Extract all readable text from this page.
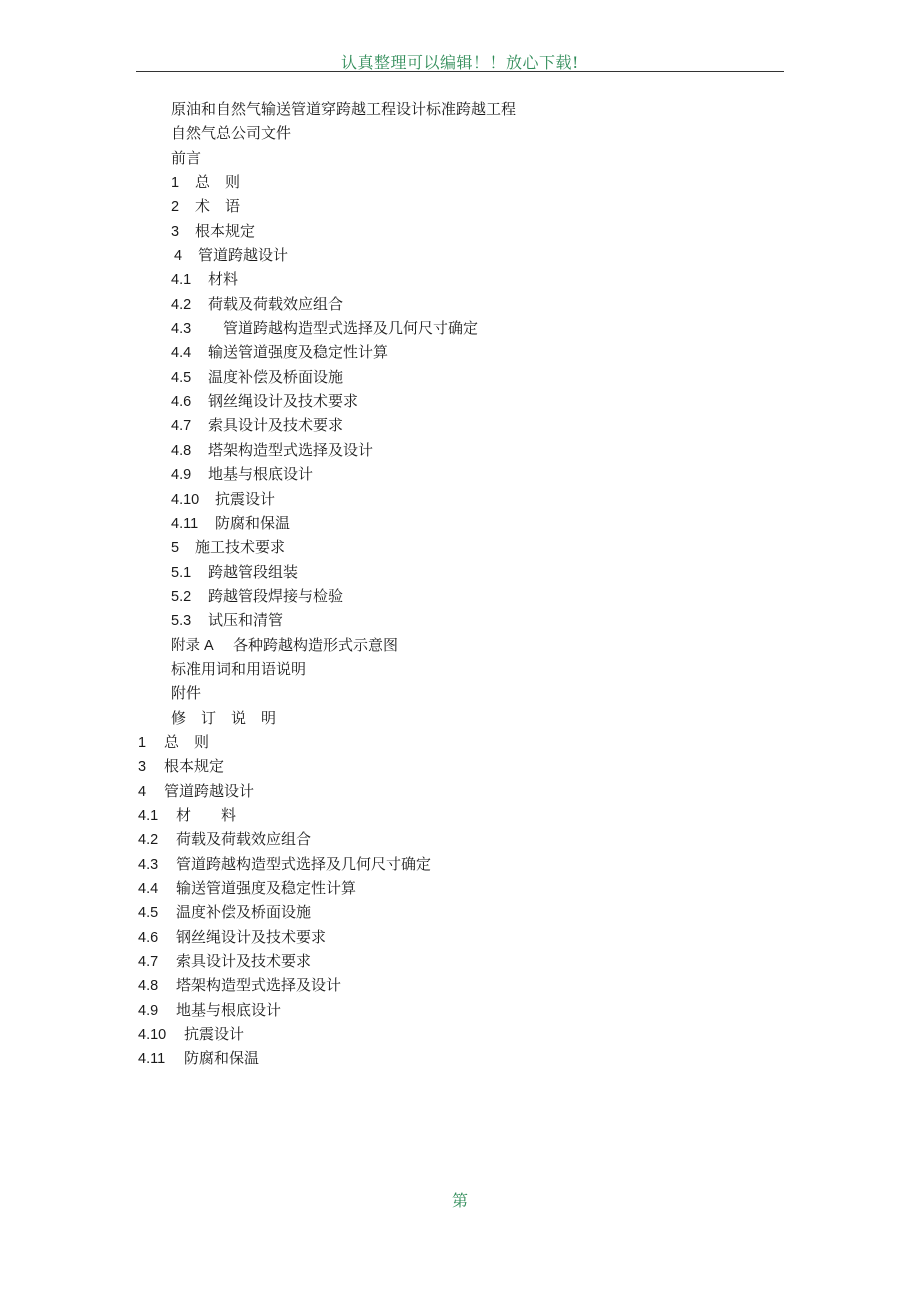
认真整理可以编辑！！放心下载!
原油和自然气输送管道穿跨越工程设计标准跨越工程
自然气总公司文件
前言
1 总　则
2 术　语
3 根本规定
4 管道跨越设计
4.1 材料
4.2 荷载及荷载效应组合
4.3　管道跨越构造型式选择及几何尺寸确定
4.4 输送管道强度及稳定性计算
4.5 温度补偿及桥面设施
4.6 钢丝绳设计及技术要求
4.7 索具设计及技术要求
4.8 塔架构造型式选择及设计
4.9 地基与根底设计
4.10 抗震设计
4.11 防腐和保温
5 施工技术要求
5.1 跨越管段组装
5.2 跨越管段焊接与检验
5.3 试压和清管
附录 A 各种跨越构造形式示意图
标准用词和用语说明
附件
修　订　说　明
1 总　则
3 根本规定
4 管道跨越设计
4.1 材　　料
4.2 荷载及荷载效应组合
4.3 管道跨越构造型式选择及几何尺寸确定
4.4 输送管道强度及稳定性计算
4.5 温度补偿及桥面设施
4.6 钢丝绳设计及技术要求
4.7 索具设计及技术要求
4.8 塔架构造型式选择及设计
4.9 地基与根底设计
4.10 抗震设计
4.11 防腐和保温
第
